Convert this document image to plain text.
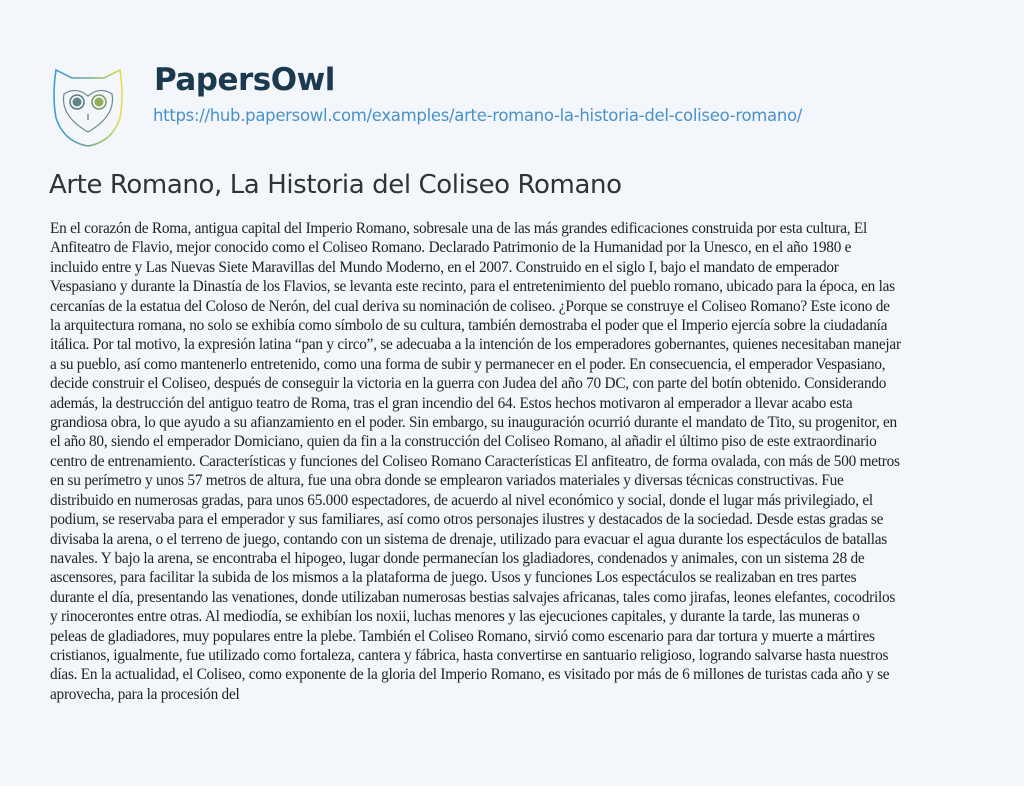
PapersOwl
https://hub.papersowl.com/examples/arte-romano-la-historia-del-coliseo-romano/
Arte Romano, La Historia del Coliseo Romano
En el corazón de Roma, antigua capital del Imperio Romano, sobresale una de las más grandes edificaciones construida por esta cultura, El
Anfiteatro de Flavio, mejor conocido como el Coliseo Romano. Declarado Patrimonio de la Humanidad por la Unesco, en el año 1980 e
incluido entre y Las Nuevas Siete Maravillas del Mundo Moderno, en el 2007. Construido en el siglo I, bajo el mandato de emperador
Vespasiano y durante la Dinastía de los Flavios, se levanta este recinto, para el entretenimiento del pueblo romano, ubicado para la época, en las
cercanías de la estatua del Coloso de Nerón, del cual deriva su nominación de coliseo. ¿Porque se construye el Coliseo Romano? Este icono de
la arquitectura romana, no solo se exhibía como símbolo de su cultura, también demostraba el poder que el Imperio ejercía sobre la ciudadanía
itálica. Por tal motivo, la expresión latina “pan y circo”, se adecuaba a la intención de los emperadores gobernantes, quienes necesitaban manejar
a su pueblo, así como mantenerlo entretenido, como una forma de subir y permanecer en el poder. En consecuencia, el emperador Vespasiano,
decide construir el Coliseo, después de conseguir la victoria en la guerra con Judea del año 70 DC, con parte del botín obtenido. Considerando
además, la destrucción del antiguo teatro de Roma, tras el gran incendio del 64. Estos hechos motivaron al emperador a llevar acabo esta
grandiosa obra, lo que ayudo a su afianzamiento en el poder. Sin embargo, su inauguración ocurrió durante el mandato de Tito, su progenitor, en
el año 80, siendo el emperador Domiciano, quien da fin a la construcción del Coliseo Romano, al añadir el último piso de este extraordinario
centro de entrenamiento. Características y funciones del Coliseo Romano Características El anfiteatro, de forma ovalada, con más de 500 metros
en su perímetro y unos 57 metros de altura, fue una obra donde se emplearon variados materiales y diversas técnicas constructivas. Fue
distribuido en numerosas gradas, para unos 65.000 espectadores, de acuerdo al nivel económico y social, donde el lugar más privilegiado, el
podium, se reservaba para el emperador y sus familiares, así como otros personajes ilustres y destacados de la sociedad. Desde estas gradas se
divisaba la arena, o el terreno de juego, contando con un sistema de drenaje, utilizado para evacuar el agua durante los espectáculos de batallas
navales. Y bajo la arena, se encontraba el hipogeo, lugar donde permanecían los gladiadores, condenados y animales, con un sistema 28 de
ascensores, para facilitar la subida de los mismos a la plataforma de juego. Usos y funciones Los espectáculos se realizaban en tres partes
durante el día, presentando las venationes, donde utilizaban numerosas bestias salvajes africanas, tales como jirafas, leones elefantes, cocodrilos
y rinocerontes entre otras. Al mediodía, se exhibían los noxii, luchas menores y las ejecuciones capitales, y durante la tarde, las muneras o
peleas de gladiadores, muy populares entre la plebe. También el Coliseo Romano, sirvió como escenario para dar tortura y muerte a mártires
cristianos, igualmente, fue utilizado como fortaleza, cantera y fábrica, hasta convertirse en santuario religioso, logrando salvarse hasta nuestros
días. En la actualidad, el Coliseo, como exponente de la gloria del Imperio Romano, es visitado por más de 6 millones de turistas cada año y se
aprovecha, para la procesión del
